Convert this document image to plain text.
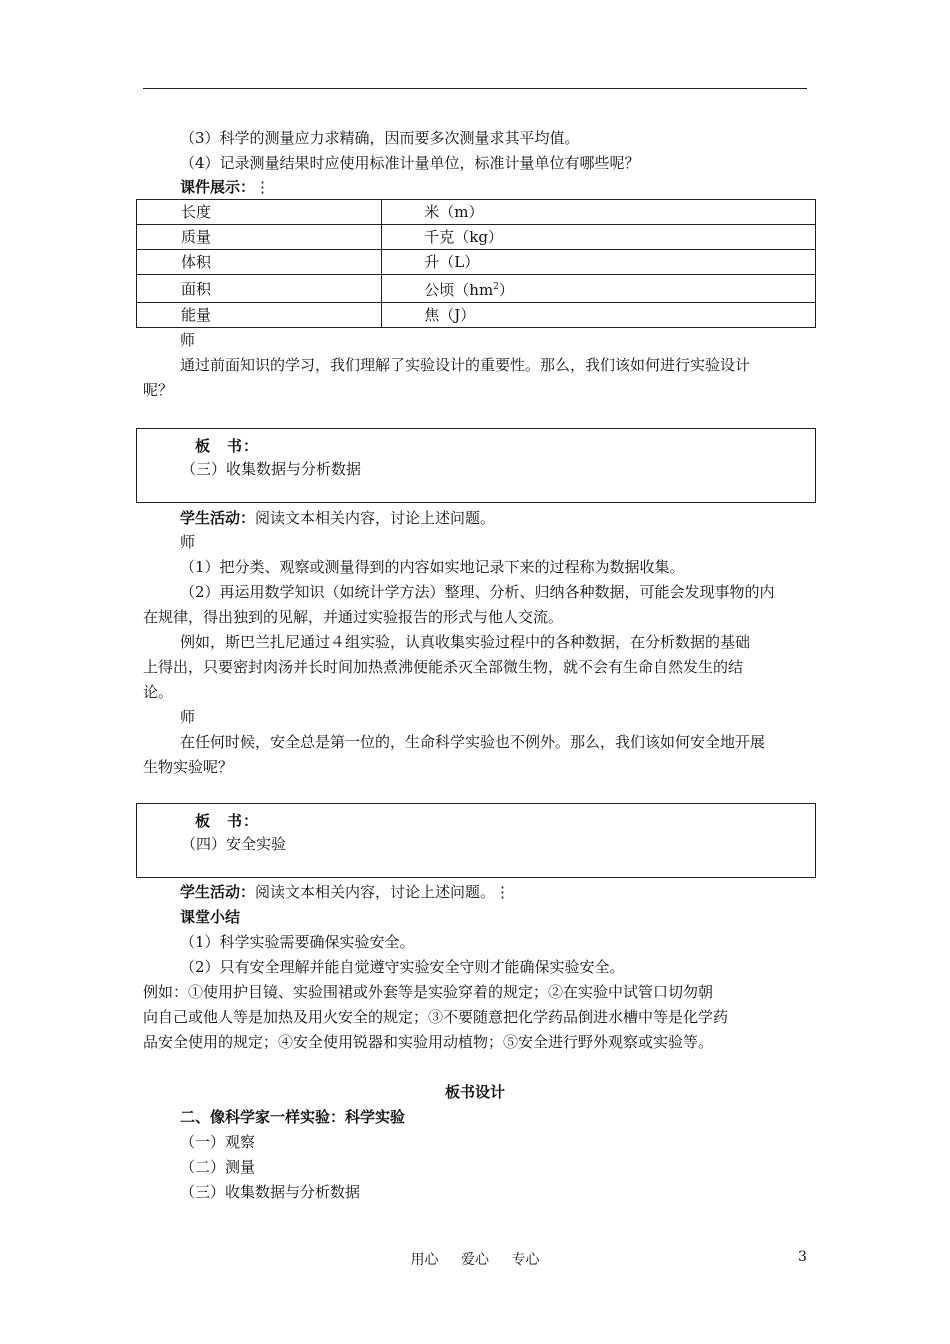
（3）科学的测量应力求精确，因而要多次测量求其平均值。
（4）记录测量结果时应使用标准计量单位，标准计量单位有哪些呢？
课件展示：⋮
长度	米（m）
质量	千克（kg）
体积	升（L）
面积	公顷$(hm^2)$
能量	焦（J）
师
通过前面知识的学习，我们理解了实验设计的重要性。那么，我们该如何进行实验设计
呢？
板　书：
（三）收集数据与分析数据
学生活动：阅读文本相关内容，讨论上述问题。
师
（1）把分类、观察或测量得到的内容如实地记录下来的过程称为数据收集。
（2）再运用数学知识（如统计学方法）整理、分析、归纳各种数据，可能会发现事物的内
在规律，得出独到的见解，并通过实验报告的形式与他人交流。
例如，斯巴兰扎尼通过４组实验，认真收集实验过程中的各种数据，在分析数据的基础
上得出，只要密封肉汤并长时间加热煮沸便能杀灭全部微生物，就不会有生命自然发生的结
论。
师
在任何时候，安全总是第一位的，生命科学实验也不例外。那么，我们该如何安全地开展
生物实验呢？
板　书：
（四）安全实验
学生活动：阅读文本相关内容，讨论上述问题。⋮
课堂小结
（1）科学实验需要确保实验安全。
（2）只有安全理解并能自觉遵守实验安全守则才能确保实验安全。
例如：①使用护目镜、实验围裙或外套等是实验穿着的规定；②在实验中试管口切勿朝
向自己或他人等是加热及用火安全的规定；③不要随意把化学药品倒进水槽中等是化学药
品安全使用的规定；④安全使用锐器和实验用动植物；⑤安全进行野外观察或实验等。
板书设计
二、像科学家一样实验：科学实验
（一）观察
（二）测量
（三）收集数据与分析数据
用心 爱心 专心	3
